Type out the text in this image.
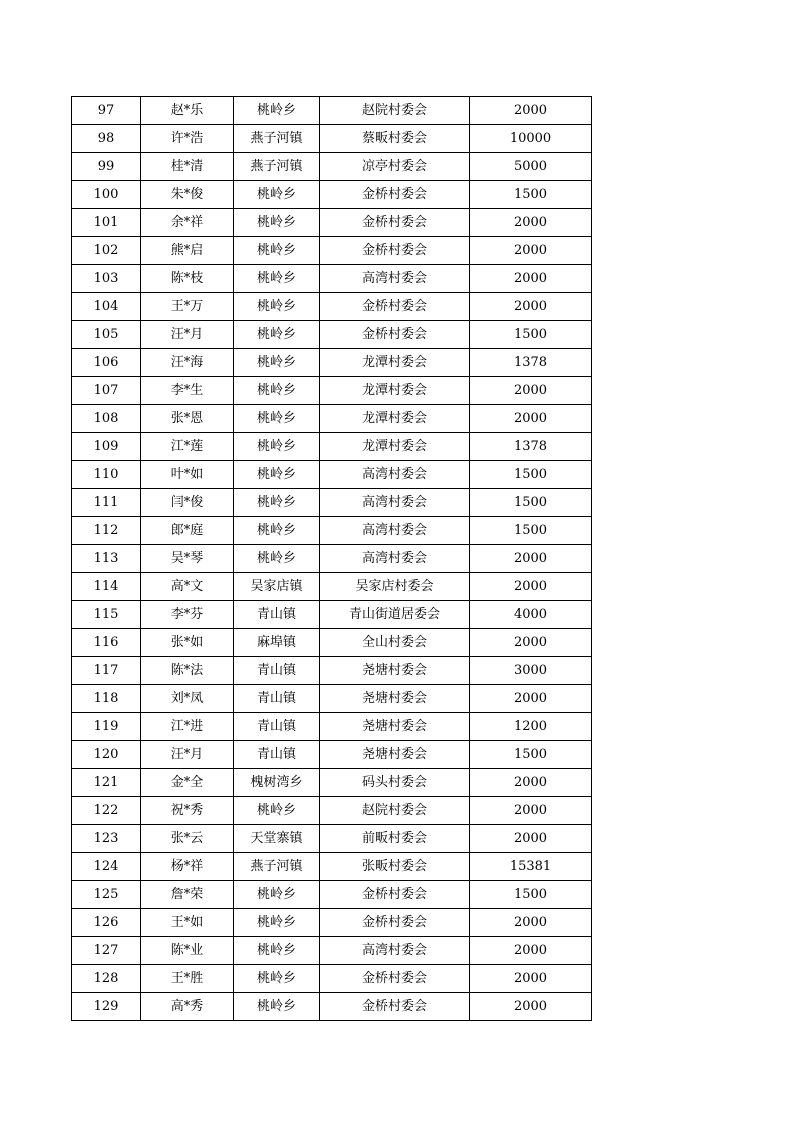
97	赵*乐	桃岭乡	赵院村委会	2000
98	许*浩	燕子河镇	蔡畈村委会	10000
99	桂*清	燕子河镇	凉亭村委会	5000
100	朱*俊	桃岭乡	金桥村委会	1500
101	余*祥	桃岭乡	金桥村委会	2000
102	熊*启	桃岭乡	金桥村委会	2000
103	陈*枝	桃岭乡	高湾村委会	2000
104	王*万	桃岭乡	金桥村委会	2000
105	汪*月	桃岭乡	金桥村委会	1500
106	汪*海	桃岭乡	龙潭村委会	1378
107	李*生	桃岭乡	龙潭村委会	2000
108	张*恩	桃岭乡	龙潭村委会	2000
109	江*莲	桃岭乡	龙潭村委会	1378
110	叶*如	桃岭乡	高湾村委会	1500
111	闫*俊	桃岭乡	高湾村委会	1500
112	郎*庭	桃岭乡	高湾村委会	1500
113	吴*琴	桃岭乡	高湾村委会	2000
114	高*文	吴家店镇	吴家店村委会	2000
115	李*芬	青山镇	青山街道居委会	4000
116	张*如	麻埠镇	全山村委会	2000
117	陈*法	青山镇	尧塘村委会	3000
118	刘*凤	青山镇	尧塘村委会	2000
119	江*进	青山镇	尧塘村委会	1200
120	汪*月	青山镇	尧塘村委会	1500
121	金*全	槐树湾乡	码头村委会	2000
122	祝*秀	桃岭乡	赵院村委会	2000
123	张*云	天堂寨镇	前畈村委会	2000
124	杨*祥	燕子河镇	张畈村委会	15381
125	詹*荣	桃岭乡	金桥村委会	1500
126	王*如	桃岭乡	金桥村委会	2000
127	陈*业	桃岭乡	高湾村委会	2000
128	王*胜	桃岭乡	金桥村委会	2000
129	高*秀	桃岭乡	金桥村委会	2000
